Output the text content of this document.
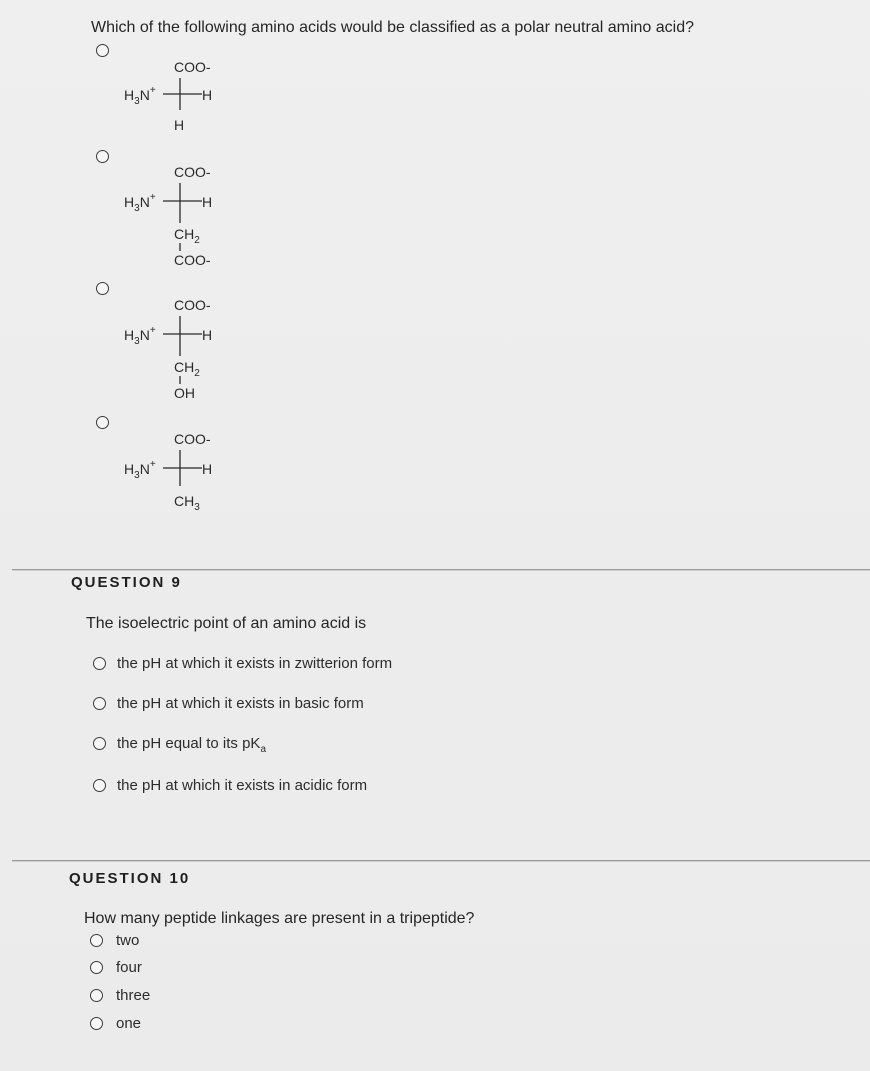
Which of the following amino acids would be classified as a polar neutral amino acid?
COO-
$H_3N^+$	H
H
COO-
$H_3N^+$	H
$CH_2$
COO-
COO-
$H_3N^+$	H
$CH_2$
OH
COO-
$H_3N^+$	H
$CH_3$
QUESTION 9
The isoelectric point of an amino acid is
the pH at which it exists in zwitterion form
the pH at which it exists in basic form
the pH equal to its $pK_a$
the pH at which it exists in acidic form
QUESTION 10
How many peptide linkages are present in a tripeptide?
two
four
three
one
